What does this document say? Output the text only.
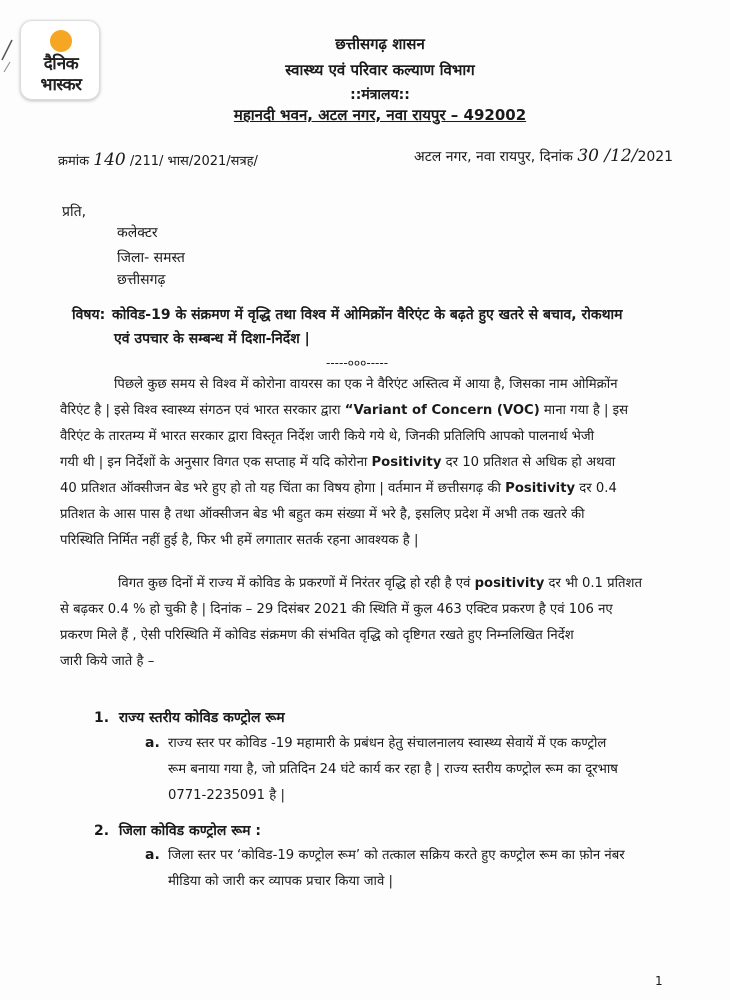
दैनिक
भास्कर
छत्तीसगढ़ शासन
स्वास्थ्य एवं परिवार कल्याण विभाग
::मंत्रालय::
महानदी भवन, अटल नगर, नवा रायपुर – 492002
क्रमांक 140 /211/ भास/2021/सत्रह/	अटल नगर, नवा रायपुर, दिनांक 30 /12/2021
प्रति,
कलेक्टर
जिला- समस्त
छत्तीसगढ़
विषय: कोविड-19 के संक्रमण में वृद्धि तथा विश्व में ओमिक्रोंन वैरिएंट के बढ़ते हुए खतरे से बचाव, रोकथाम
एवं उपचार के सम्बन्ध में दिशा-निर्देश |
-----०००-----
पिछले कुछ समय से विश्व में कोरोना वायरस का एक ने वैरिएंट अस्तित्व में आया है, जिसका नाम ओमिक्रोंन
वैरिएंट है | इसे विश्व स्वास्थ्य संगठन एवं भारत सरकार द्वारा “Variant of Concern (VOC) माना गया है | इस
वैरिएंट के तारतम्य में भारत सरकार द्वारा विस्तृत निर्देश जारी किये गये थे, जिनकी प्रतिलिपि आपको पालनार्थ भेजी
गयी थी | इन निर्देशों के अनुसार विगत एक सप्ताह में यदि कोरोना Positivity दर 10 प्रतिशत से अधिक हो अथवा
40 प्रतिशत ऑक्सीजन बेड भरे हुए हो तो यह चिंता का विषय होगा | वर्तमान में छत्तीसगढ़ की Positivity दर 0.4
प्रतिशत के आस पास है तथा ऑक्सीजन बेड भी बहुत कम संख्या में भरे है, इसलिए प्रदेश में अभी तक खतरे की
परिस्थिति निर्मित नहीं हुई है, फिर भी हमें लगातार सतर्क रहना आवश्यक है |
विगत कुछ दिनों में राज्य में कोविड के प्रकरणों में निरंतर वृद्धि हो रही है एवं positivity दर भी 0.1 प्रतिशत
से बढ़कर 0.4 % हो चुकी है | दिनांक – 29 दिसंबर 2021 की स्थिति में कुल 463 एक्टिव प्रकरण है एवं 106 नए
प्रकरण मिले हैं , ऐसी परिस्थिति में कोविड संक्रमण की संभवित वृद्धि को दृष्टिगत रखते हुए निम्नलिखित निर्देश
जारी किये जाते है –
1. राज्य स्तरीय कोविड कण्ट्रोल रूम
a. राज्य स्तर पर कोविड -19 महामारी के प्रबंधन हेतु संचालनालय स्वास्थ्य सेवायें में एक कण्ट्रोल
रूम बनाया गया है, जो प्रतिदिन 24 घंटे कार्य कर रहा है | राज्य स्तरीय कण्ट्रोल रूम का दूरभाष
0771-2235091 है |
2. जिला कोविड कण्ट्रोल रूम :
a. जिला स्तर पर ‘कोविड-19 कण्ट्रोल रूम’ को तत्काल सक्रिय करते हुए कण्ट्रोल रूम का फ़ोन नंबर
मीडिया को जारी कर व्यापक प्रचार किया जावे |
1
